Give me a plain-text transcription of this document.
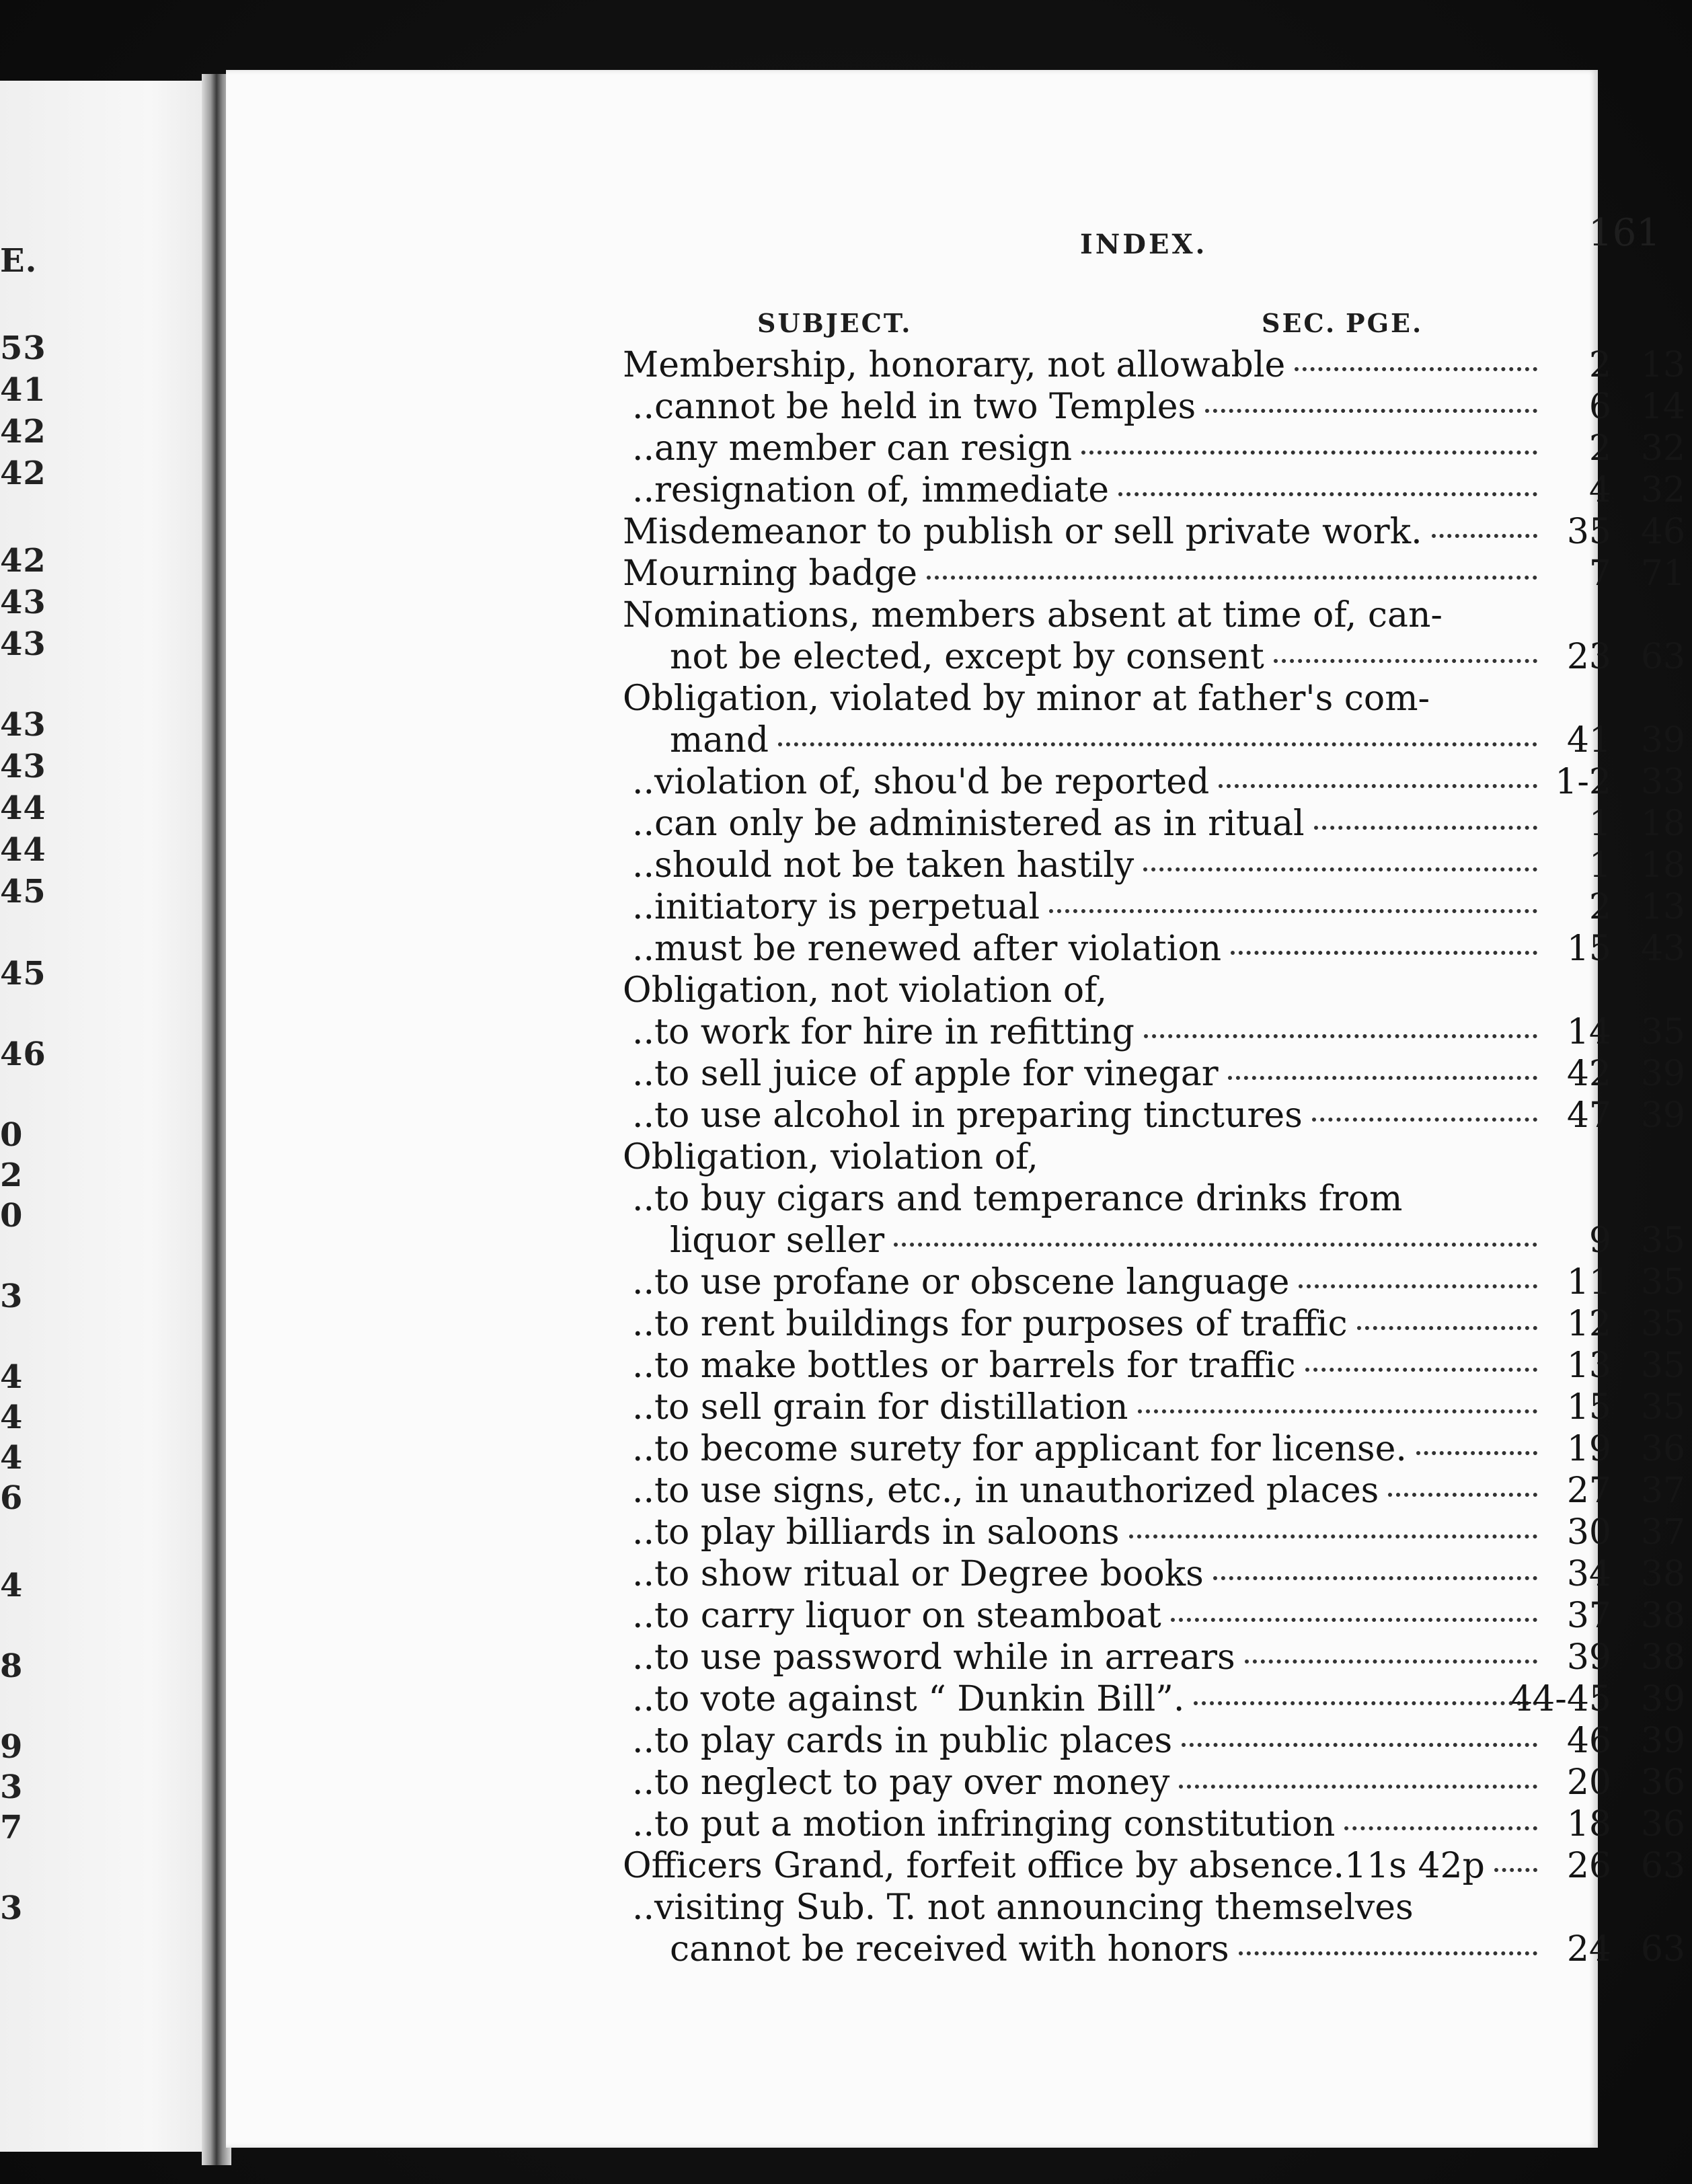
E.
53
41
42
42
42
43
43
43
43
44
44
45
45
46
0
2
0
3
4
4
4
6
4
8
9
3
7
3
INDEX.	161
SUBJECT.	SEC. PGE.
Membership, honorary, not allowable	2 13
..cannot be held in two Temples	6 14
..any member can resign	2 32
..resignation of, immediate	4 32
Misdemeanor to publish or sell private work.	35 46
Mourning badge	7 71
Nominations, members absent at time of, can-
not be elected, except by consent	23 63
Obligation, violated by minor at father's com-
mand	41 39
..violation of, shou'd be reported	1-2 33
..can only be administered as in ritual	1 18
..should not be taken hastily	1 18
..initiatory is perpetual	2 13
..must be renewed after violation	15 43
Obligation, not violation of,
..to work for hire in refitting	14 35
..to sell juice of apple for vinegar	42 39
..to use alcohol in preparing tinctures	47 39
Obligation, violation of,
..to buy cigars and temperance drinks from
liquor seller	9 35
..to use profane or obscene language	11 35
..to rent buildings for purposes of traffic	12 35
..to make bottles or barrels for traffic	13 35
..to sell grain for distillation	15 35
..to become surety for applicant for license.	19 36
..to use signs, etc., in unauthorized places	27 37
..to play billiards in saloons	30 37
..to show ritual or Degree books	34 38
..to carry liquor on steamboat	37 38
..to use password while in arrears	39 38
..to vote against “ Dunkin Bill”.	44-45 39
..to play cards in public places	46 39
..to neglect to pay over money	20 36
..to put a motion infringing constitution	18 36
Officers Grand, forfeit office by absence.11s 42p	26 63
..visiting Sub. T. not announcing themselves
cannot be received with honors	24 63
